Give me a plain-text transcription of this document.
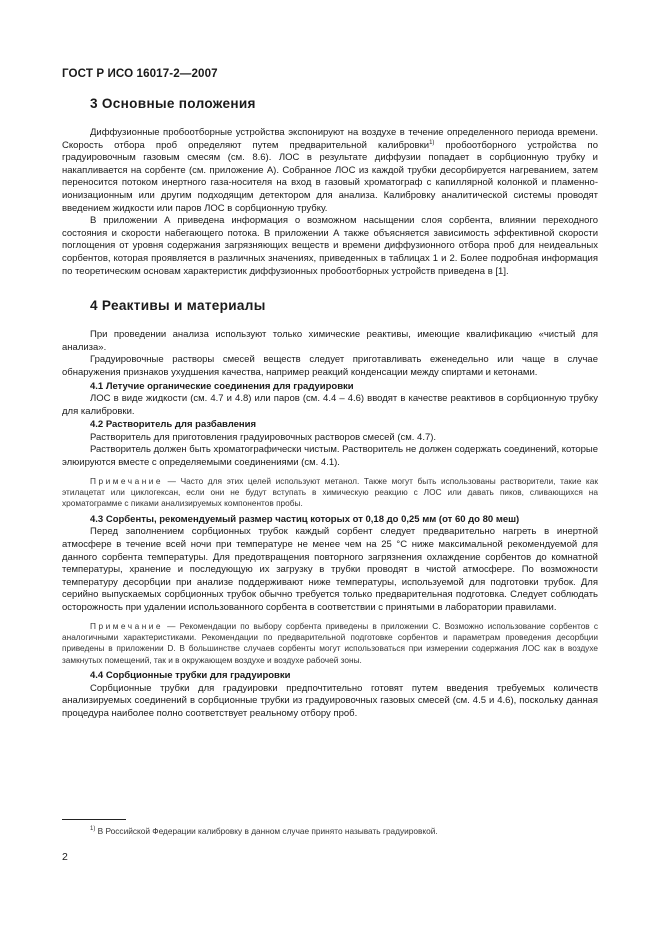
ГОСТ Р ИСО 16017-2—2007
3 Основные положения

Диффузионные пробоотборные устройства экспонируют на воздухе в течение определенного периода времени. Скорость отбора проб определяют путем предварительной калибровки$^{1)}$ пробоотборного устройства по градуировочным газовым смесям (см. 8.6). ЛОС в результате диффузии попадает в сорбционную трубку и накапливается на сорбенте (см. приложение А). Собранное ЛОС из каждой трубки десорбируется нагреванием, затем переносится потоком инертного газа-носителя на вход в газовый хроматограф с капиллярной колонкой и пламенно-ионизационным или другим подходящим детектором для анализа. Калибровку аналитической системы проводят введением жидкости или паров ЛОС в сорбционную трубку.

В приложении А приведена информация о возможном насыщении слоя сорбента, влиянии переходного состояния и скорости набегающего потока. В приложении А также объясняется зависимость эффективной скорости поглощения от уровня содержания загрязняющих веществ и времени диффузионного отбора проб для неидеальных сорбентов, которая проявляется в различных значениях, приведенных в таблицах 1 и 2. Более подробная информация по теоретическим основам характеристик диффузионных пробоотборных устройств приведена в [1].

4 Реактивы и материалы

При проведении анализа используют только химические реактивы, имеющие квалификацию «чистый для анализа».

Градуировочные растворы смесей веществ следует приготавливать еженедельно или чаще в случае обнаружения признаков ухудшения качества, например реакций конденсации между спиртами и кетонами.

4.1 Летучие органические соединения для градуировки

ЛОС в виде жидкости (см. 4.7 и 4.8) или паров (см. 4.4 – 4.6) вводят в качестве реактивов в сорбционную трубку для калибровки.

4.2 Растворитель для разбавления

Растворитель для приготовления градуировочных растворов смесей (см. 4.7).

Растворитель должен быть хроматографически чистым. Растворитель не должен содержать соединений, которые элюируются вместе с определяемыми соединениями (см. 4.1).

Примечание — Часто для этих целей используют метанол. Также могут быть использованы растворители, такие как этилацетат или циклогексан, если они не будут вступать в химическую реакцию с ЛОС или давать пиков, сливающихся на хроматограмме с пиками анализируемых компонентов пробы.

4.3 Сорбенты, рекомендуемый размер частиц которых от 0,18 до 0,25 мм (от 60 до 80 меш)

Перед заполнением сорбционных трубок каждый сорбент следует предварительно нагреть в инертной атмосфере в течение всей ночи при температуре не менее чем на 25 °С ниже максимальной рекомендуемой для данного сорбента температуры. Для предотвращения повторного загрязнения охлаждение сорбентов до комнатной температуры, хранение и последующую их загрузку в трубки проводят в чистой атмосфере. По возможности температуру десорбции при анализе поддерживают ниже температуры, используемой для подготовки трубок. Для серийно выпускаемых сорбционных трубок обычно требуется только предварительная подготовка. Следует соблюдать осторожность при удалении использованного сорбента в соответствии с принятыми в лаборатории правилами.

Примечание — Рекомендации по выбору сорбента приведены в приложении С. Возможно использование сорбентов с аналогичными характеристиками. Рекомендации по предварительной подготовке сорбентов и параметрам проведения десорбции приведены в приложении D. В большинстве случаев сорбенты могут использоваться при измерении содержания ЛОС как в воздухе замкнутых помещений, так и в окружающем воздухе и воздухе рабочей зоны.

4.4 Сорбционные трубки для градуировки

Сорбционные трубки для градуировки предпочтительно готовят путем введения требуемых количеств анализируемых соединений в сорбционные трубки из градуировочных газовых смесей (см. 4.5 и 4.6), поскольку данная процедура наиболее полно соответствует реальному отбору проб.

$^{1)}$ В Российской Федерации калибровку в данном случае принято называть градуировкой.
2
